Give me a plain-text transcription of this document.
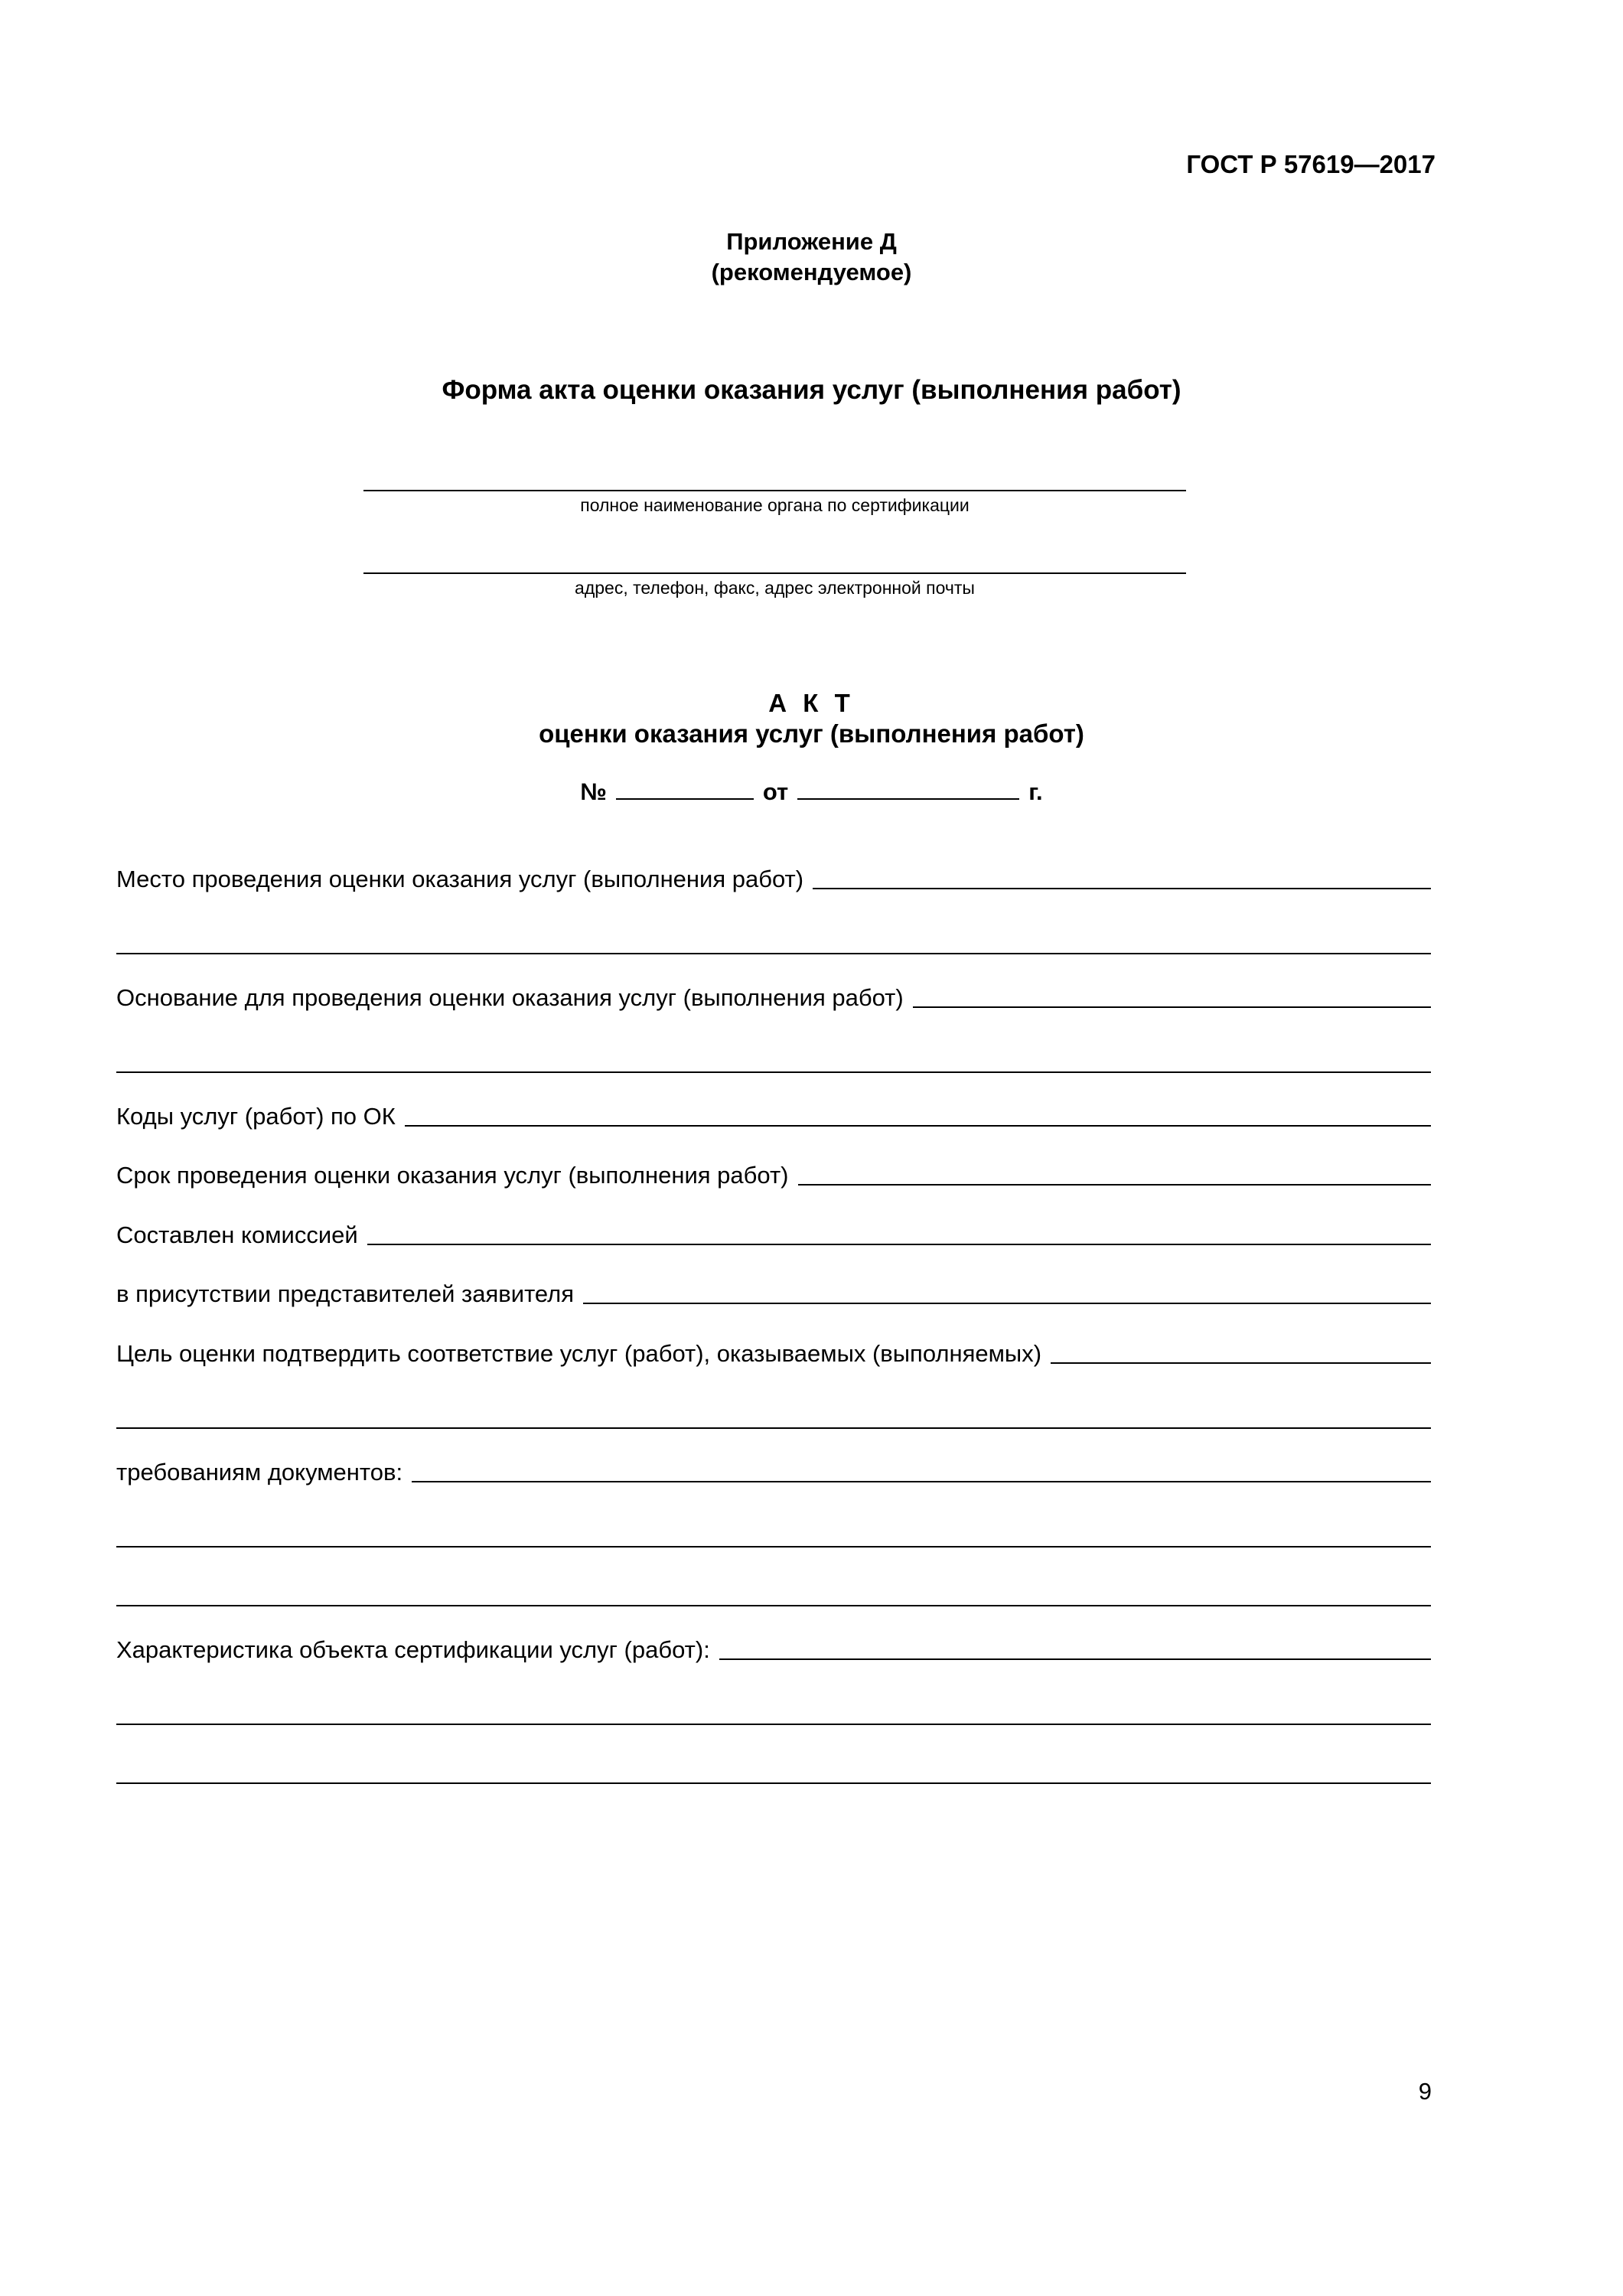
ГОСТ Р 57619—2017
Приложение Д
(рекомендуемое)
Форма акта оценки оказания услуг (выполнения работ)
полное наименование органа по сертификации
адрес, телефон, факс, адрес электронной почты
А К Т
оценки оказания услуг (выполнения работ)
№	от	г.
Место проведения оценки оказания услуг (выполнения работ)
Основание для проведения оценки оказания услуг (выполнения работ)
Коды услуг (работ) по ОК
Срок проведения оценки оказания услуг (выполнения работ)
Составлен комиссией
в присутствии представителей заявителя
Цель оценки подтвердить соответствие услуг (работ), оказываемых (выполняемых)
требованиям документов:
Характеристика объекта сертификации услуг (работ):
9
